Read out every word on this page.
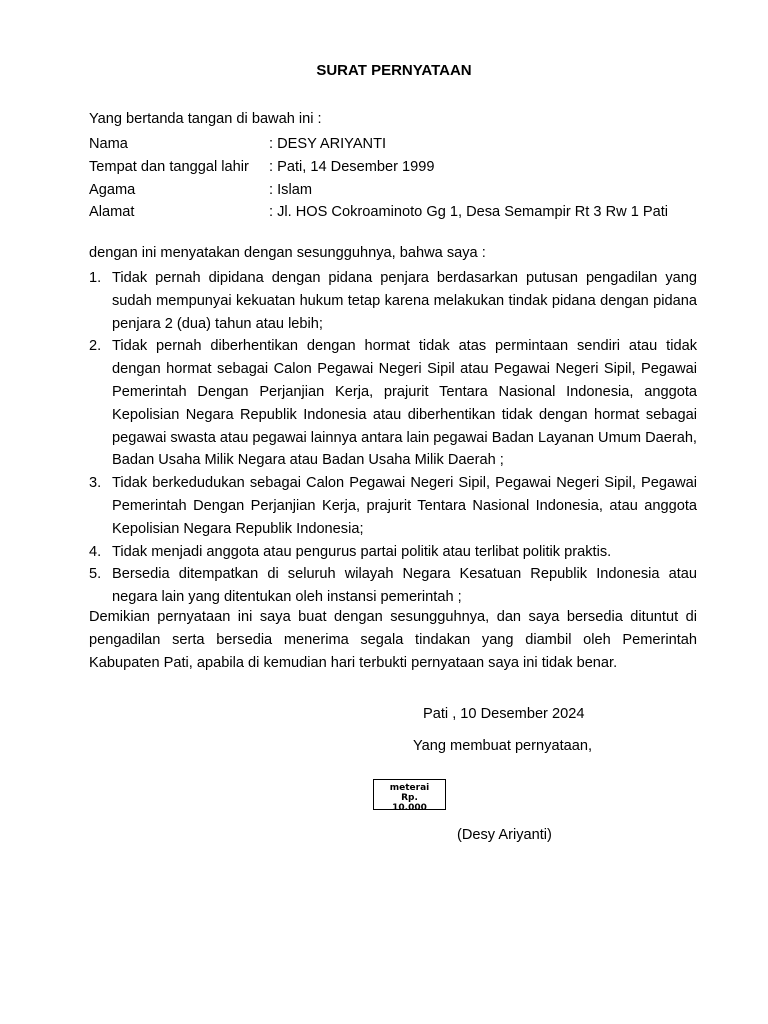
SURAT PERNYATAAN
Yang bertanda tangan di bawah ini :
Nama	: DESY ARIYANTI
Tempat dan tanggal lahir	: Pati, 14 Desember 1999
Agama	: Islam
Alamat	: Jl. HOS Cokroaminoto Gg 1, Desa Semampir Rt 3 Rw 1 Pati
dengan ini menyatakan dengan sesungguhnya, bahwa saya :
1. Tidak pernah dipidana dengan pidana penjara berdasarkan putusan pengadilan yang sudah mempunyai kekuatan hukum tetap karena melakukan tindak pidana dengan pidana penjara 2 (dua) tahun atau lebih;
2. Tidak pernah diberhentikan dengan hormat tidak atas permintaan sendiri atau tidak dengan hormat sebagai Calon Pegawai Negeri Sipil atau Pegawai Negeri Sipil, Pegawai Pemerintah Dengan Perjanjian Kerja, prajurit Tentara Nasional Indonesia, anggota Kepolisian Negara Republik Indonesia atau diberhentikan tidak dengan hormat sebagai pegawai swasta atau pegawai lainnya antara lain pegawai Badan Layanan Umum Daerah, Badan Usaha Milik Negara atau Badan Usaha Milik Daerah ;
3. Tidak berkedudukan sebagai Calon Pegawai Negeri Sipil, Pegawai Negeri Sipil, Pegawai Pemerintah Dengan Perjanjian Kerja, prajurit Tentara Nasional Indonesia, atau anggota Kepolisian Negara Republik Indonesia;
4. Tidak menjadi anggota atau pengurus partai politik atau terlibat politik praktis.
5. Bersedia ditempatkan di seluruh wilayah Negara Kesatuan Republik Indonesia atau negara lain yang ditentukan oleh instansi pemerintah ;
Demikian pernyataan ini saya buat dengan sesungguhnya, dan saya bersedia dituntut di pengadilan serta bersedia menerima segala tindakan yang diambil oleh Pemerintah Kabupaten Pati, apabila di kemudian hari terbukti pernyataan saya ini tidak benar.
Pati , 10 Desember 2024
Yang membuat pernyataan,
meterai
Rp.
10.000
(Desy Ariyanti)
